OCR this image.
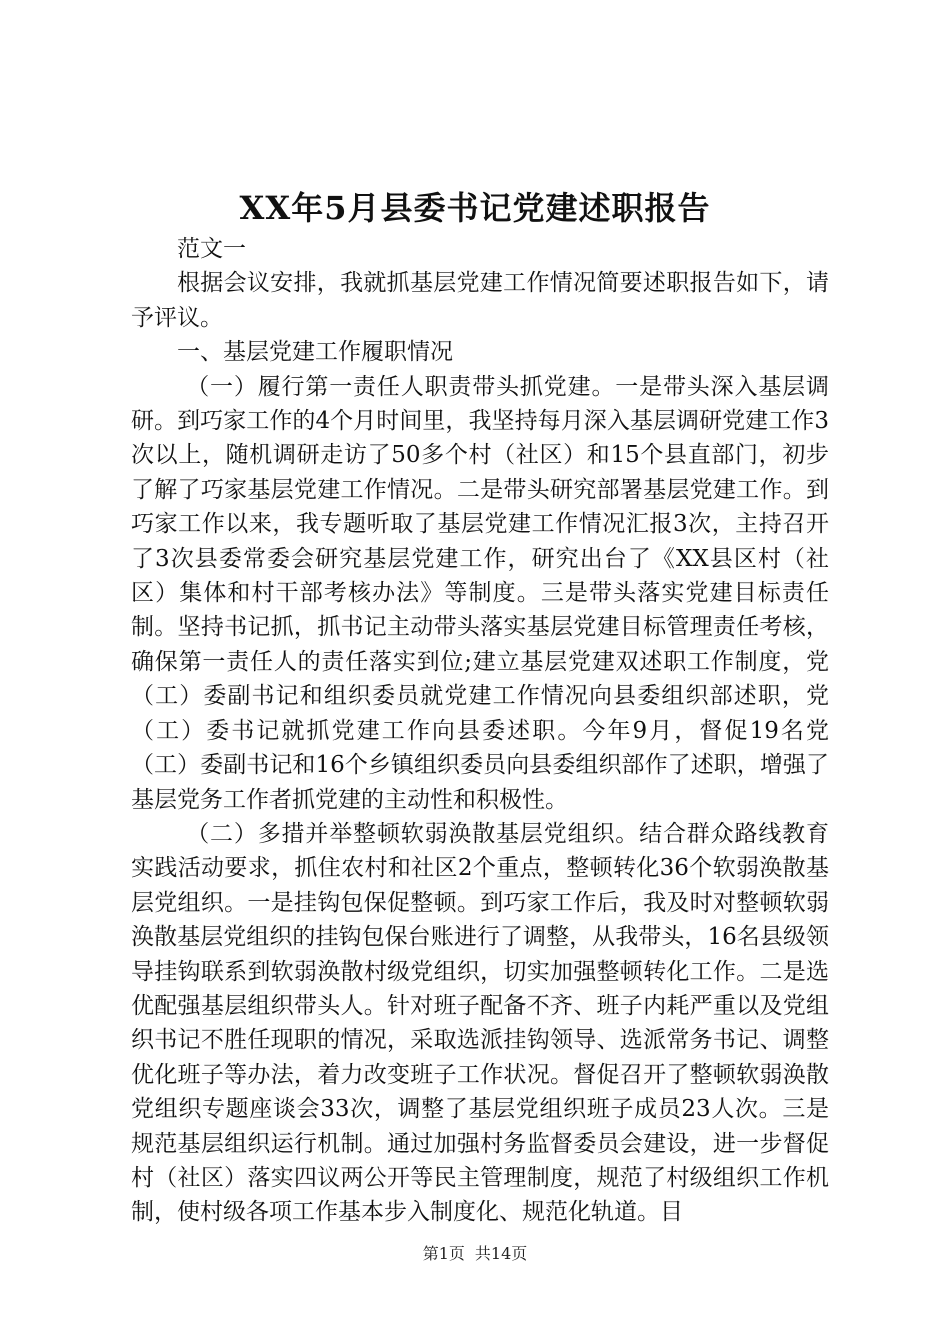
XX年5月县委书记党建述职报告

范文一

根据会议安排，我就抓基层党建工作情况简要述职报告如下，请予评议。

一、基层党建工作履职情况

（一）履行第一责任人职责带头抓党建。一是带头深入基层调研。到巧家工作的4个月时间里，我坚持每月深入基层调研党建工作3次以上，随机调研走访了50多个村（社区）和15个县直部门，初步了解了巧家基层党建工作情况。二是带头研究部署基层党建工作。到巧家工作以来，我专题听取了基层党建工作情况汇报3次，主持召开了3次县委常委会研究基层党建工作，研究出台了《XX县区村（社区）集体和村干部考核办法》等制度。三是带头落实党建目标责任制。坚持书记抓，抓书记主动带头落实基层党建目标管理责任考核，确保第一责任人的责任落实到位;建立基层党建双述职工作制度，党（工）委副书记和组织委员就党建工作情况向县委组织部述职，党（工）委书记就抓党建工作向县委述职。今年9月，督促19名党（工）委副书记和16个乡镇组织委员向县委组织部作了述职，增强了基层党务工作者抓党建的主动性和积极性。

（二）多措并举整顿软弱涣散基层党组织。结合群众路线教育实践活动要求，抓住农村和社区2个重点，整顿转化36个软弱涣散基层党组织。一是挂钩包保促整顿。到巧家工作后，我及时对整顿软弱涣散基层党组织的挂钩包保台账进行了调整，从我带头，16名县级领导挂钩联系到软弱涣散村级党组织，切实加强整顿转化工作。二是选优配强基层组织带头人。针对班子配备不齐、班子内耗严重以及党组织书记不胜任现职的情况，采取选派挂钩领导、选派常务书记、调整优化班子等办法，着力改变班子工作状况。督促召开了整顿软弱涣散党组织专题座谈会33次，调整了基层党组织班子成员23人次。三是规范基层组织运行机制。通过加强村务监督委员会建设，进一步督促村（社区）落实四议两公开等民主管理制度，规范了村级组织工作机制，使村级各项工作基本步入制度化、规范化轨道。目

第1页 共14页
